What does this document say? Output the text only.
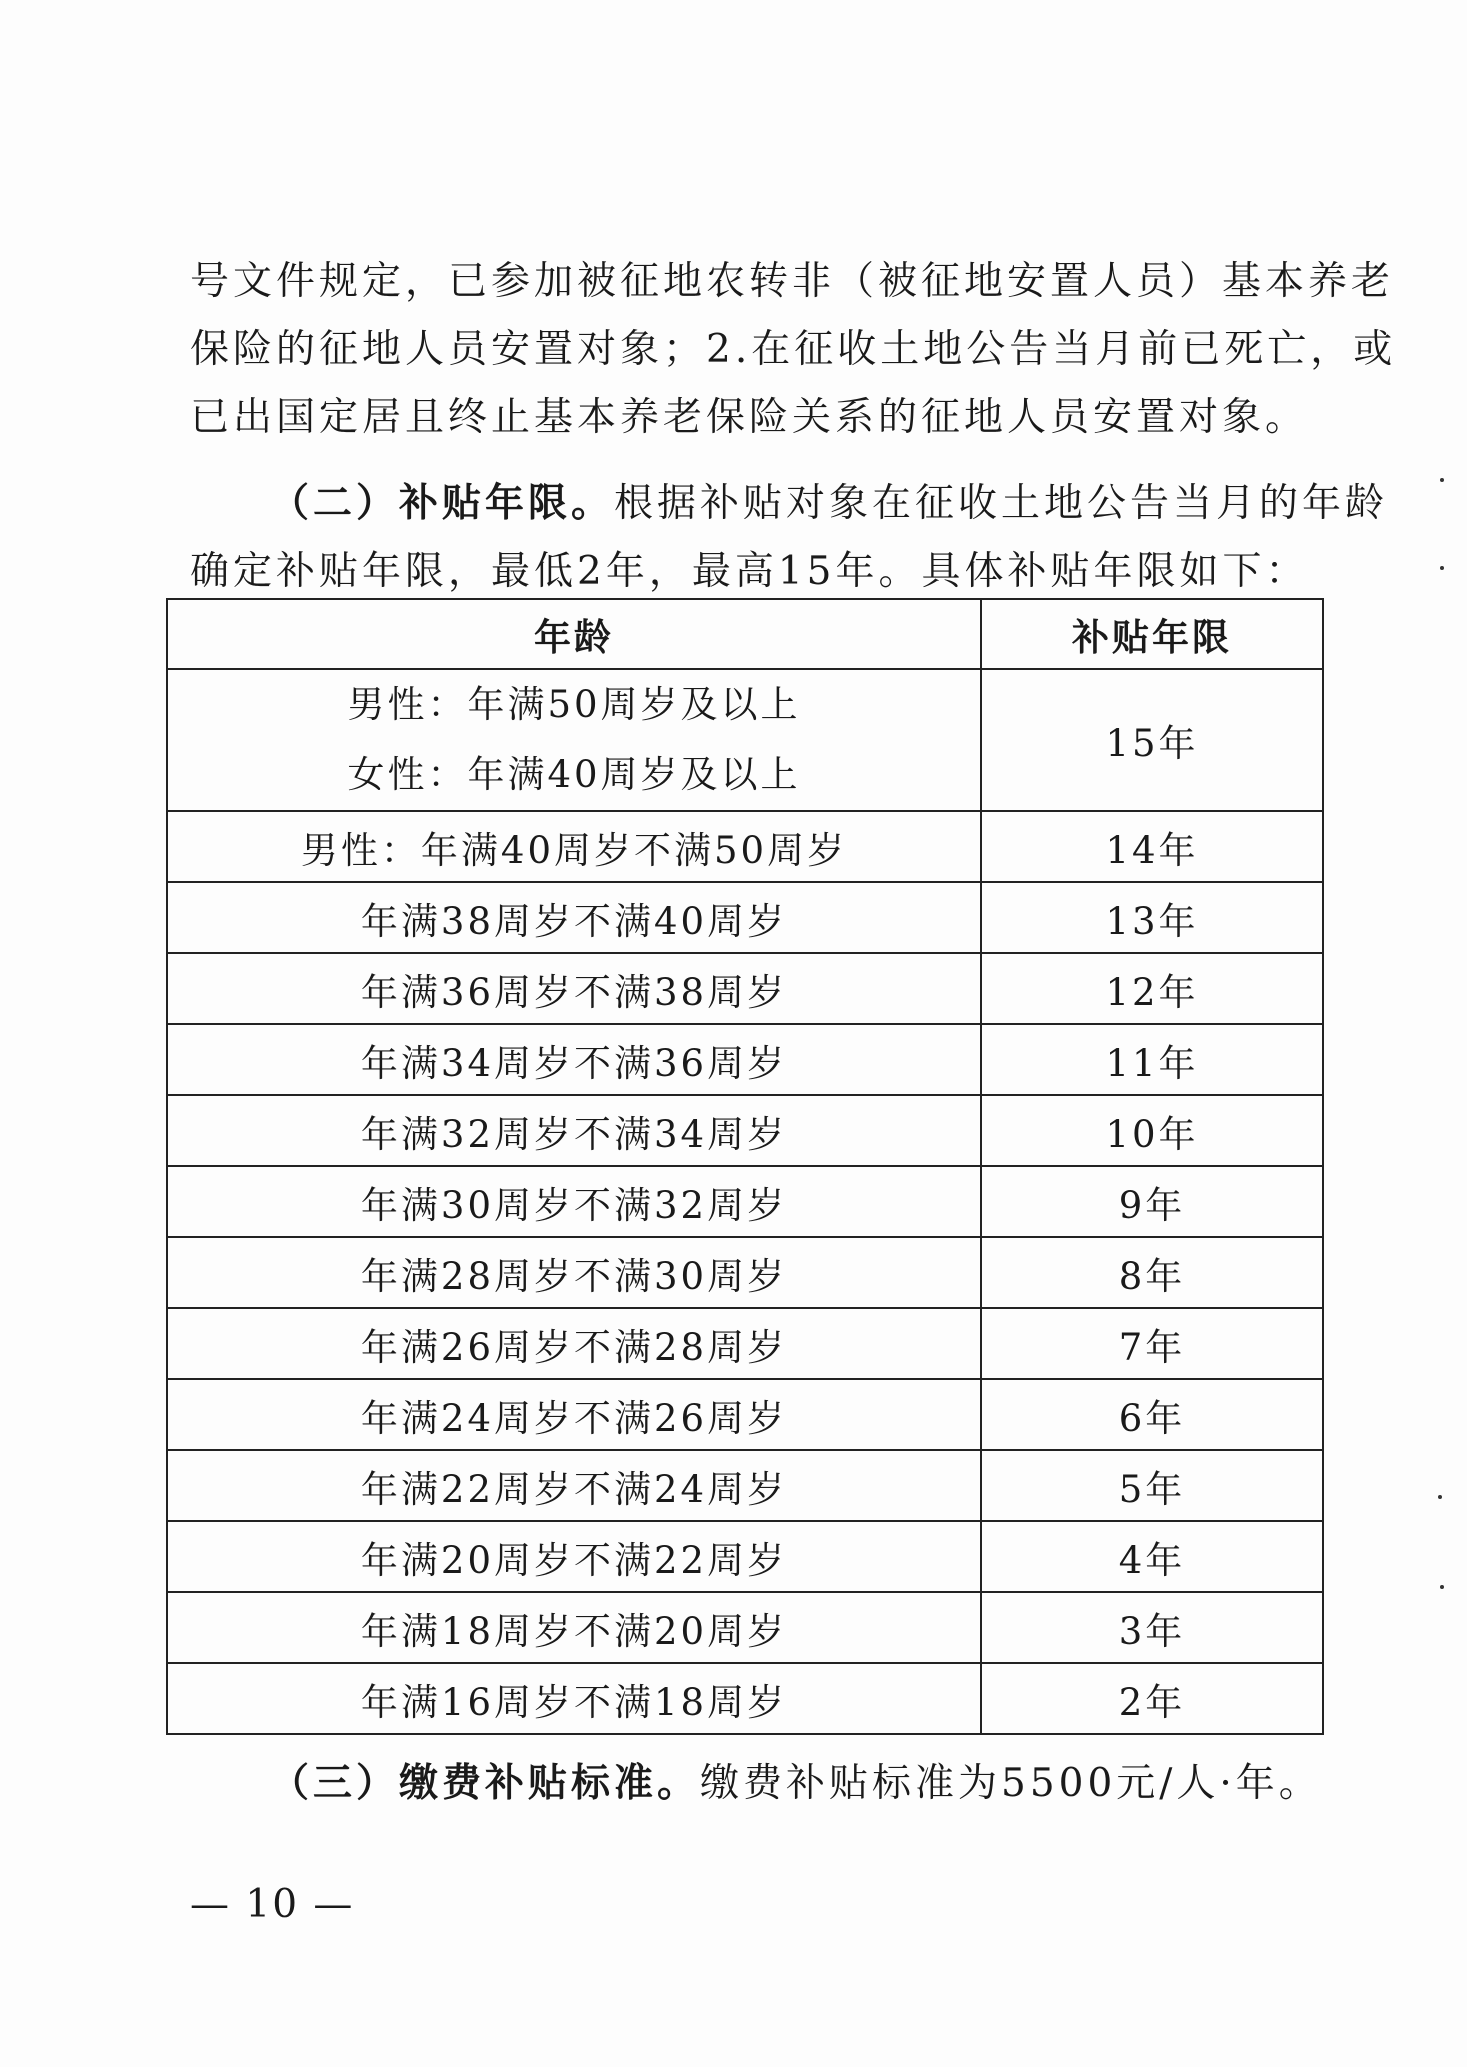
号文件规定，已参加被征地农转非（被征地安置人员）基本养老
保险的征地人员安置对象；2.在征收土地公告当月前已死亡，或
已出国定居且终止基本养老保险关系的征地人员安置对象。
（二）补贴年限。根据补贴对象在征收土地公告当月的年龄
确定补贴年限，最低2年，最高15年。具体补贴年限如下：
年龄	补贴年限

男性：年满50周岁及以上
女性：年满40周岁及以上	15年
男性：年满40周岁不满50周岁	14年
年满38周岁不满40周岁	13年
年满36周岁不满38周岁	12年
年满34周岁不满36周岁	11年
年满32周岁不满34周岁	10年
年满30周岁不满32周岁	9年
年满28周岁不满30周岁	8年
年满26周岁不满28周岁	7年
年满24周岁不满26周岁	6年
年满22周岁不满24周岁	5年
年满20周岁不满22周岁	4年
年满18周岁不满20周岁	3年
年满16周岁不满18周岁	2年
（三）缴费补贴标准。缴费补贴标准为5500元/人·年。
— 10 —
